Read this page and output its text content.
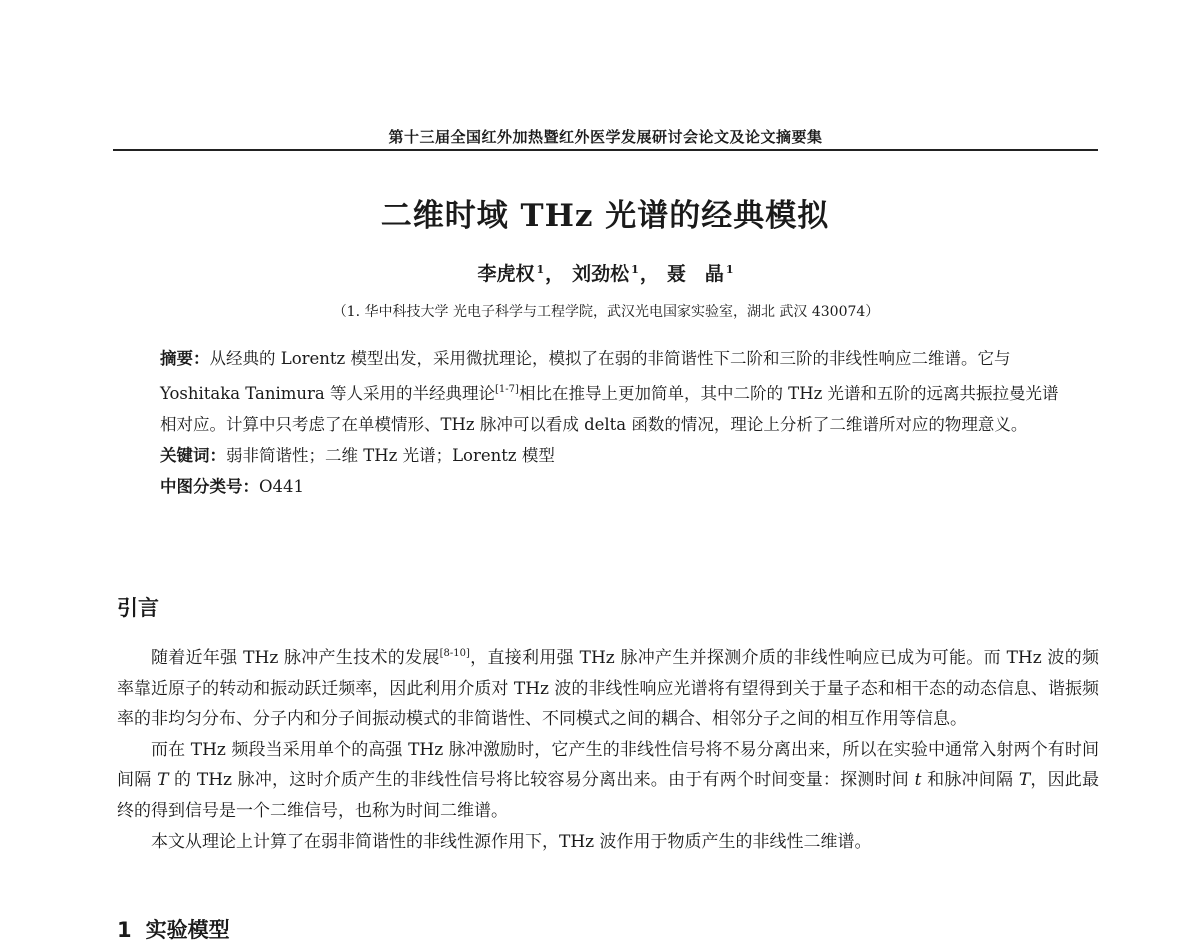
第十三届全国红外加热暨红外医学发展研讨会论文及论文摘要集
二维时域 THz 光谱的经典模拟
李虎权 $^1$， 刘劲松 $^1$， 聂　晶 $^1$
（1. 华中科技大学 光电子科学与工程学院，武汉光电国家实验室，湖北 武汉 430074）

摘要：从经典的 Lorentz 模型出发，采用微扰理论，模拟了在弱的非简谐性下二阶和三阶的非线性响应二维谱。它与 Yoshitaka Tanimura 等人采用的半经典理论[1-7]相比在推导上更加简单，其中二阶的 THz 光谱和五阶的远离共振拉曼光谱相对应。计算中只考虑了在单模情形、THz 脉冲可以看成 delta 函数的情况，理论上分析了二维谱所对应的物理意义。

关键词：弱非简谐性；二维 THz 光谱；Lorentz 模型

中图分类号：O441

引言

随着近年强 THz 脉冲产生技术的发展[8-10]，直接利用强 THz 脉冲产生并探测介质的非线性响应已成为可能。而 THz 波的频率靠近原子的转动和振动跃迁频率，因此利用介质对 THz 波的非线性响应光谱将有望得到关于量子态和相干态的动态信息、谐振频率的非均匀分布、分子内和分子间振动模式的非简谐性、不同模式之间的耦合、相邻分子之间的相互作用等信息。

而在 THz 频段当采用单个的高强 THz 脉冲激励时，它产生的非线性信号将不易分离出来，所以在实验中通常入射两个有时间间隔 T 的 THz 脉冲，这时介质产生的非线性信号将比较容易分离出来。由于有两个时间变量：探测时间 t 和脉冲间隔 T，因此最终的得到信号是一个二维信号，也称为时间二维谱。

本文从理论上计算了在弱非简谐性的非线性源作用下，THz 波作用于物质产生的非线性二维谱。

1 实验模型
